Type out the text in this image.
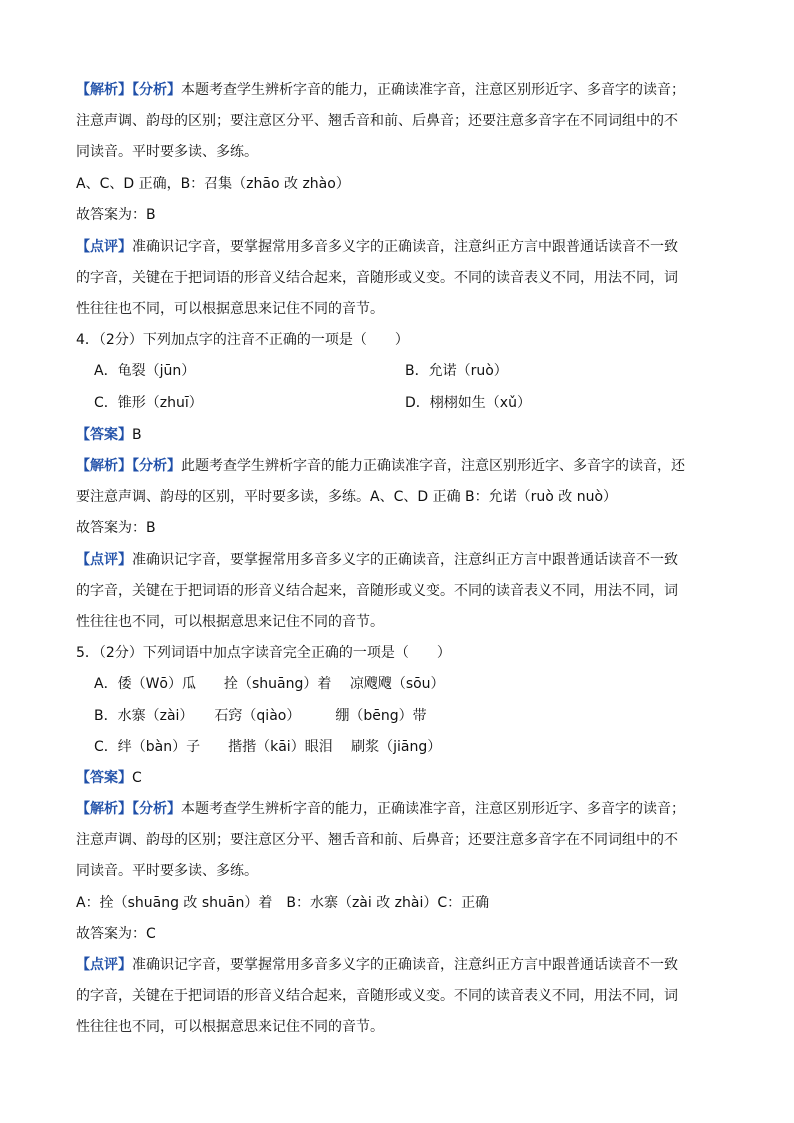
【解析】【分析】本题考查学生辨析字音的能力，正确读准字音，注意区别形近字、多音字的读音；
注意声调、韵母的区别；要注意区分平、翘舌音和前、后鼻音；还要注意多音字在不同词组中的不
同读音。平时要多读、多练。
A、C、D 正确，B：召集（zhāo 改 zhào）
故答案为：B
【点评】准确识记字音，要掌握常用多音多义字的正确读音，注意纠正方言中跟普通话读音不一致
的字音，关键在于把词语的形音义结合起来，音随形或义变。不同的读音表义不同，用法不同，词
性往往也不同，可以根据意思来记住不同的音节。
4．（2分）下列加点字的注音不正确的一项是（　　）
A．龟裂（jūn）	B．允诺（ruò）
C．锥形（zhuī）	D．栩栩如生（xǔ）
【答案】B
【解析】【分析】此题考查学生辨析字音的能力正确读准字音，注意区别形近字、多音字的读音，还
要注意声调、韵母的区别，平时要多读，多练。A、C、D 正确 B：允诺（ruò 改 nuò）
故答案为：B
【点评】准确识记字音，要掌握常用多音多义字的正确读音，注意纠正方言中跟普通话读音不一致
的字音，关键在于把词语的形音义结合起来，音随形或义变。不同的读音表义不同，用法不同，词
性往往也不同，可以根据意思来记住不同的音节。
5．（2分）下列词语中加点字读音完全正确的一项是（　　）
A．倭（Wō）瓜　　拴（shuāng）着　 凉飕飕（sōu）
B．水寨（zài）　　石窍（qiào）　　　绷（bēng）带
C．绊（bàn）子　　揩揩（kāi）眼泪　 刷浆（jiāng）
【答案】C
【解析】【分析】本题考查学生辨析字音的能力，正确读准字音，注意区别形近字、多音字的读音；
注意声调、韵母的区别；要注意区分平、翘舌音和前、后鼻音；还要注意多音字在不同词组中的不
同读音。平时要多读、多练。
A：拴（shuāng 改 shuān）着　B：水寨（zài 改 zhài）C：正确
故答案为：C
【点评】准确识记字音，要掌握常用多音多义字的正确读音，注意纠正方言中跟普通话读音不一致
的字音，关键在于把词语的形音义结合起来，音随形或义变。不同的读音表义不同，用法不同，词
性往往也不同，可以根据意思来记住不同的音节。
